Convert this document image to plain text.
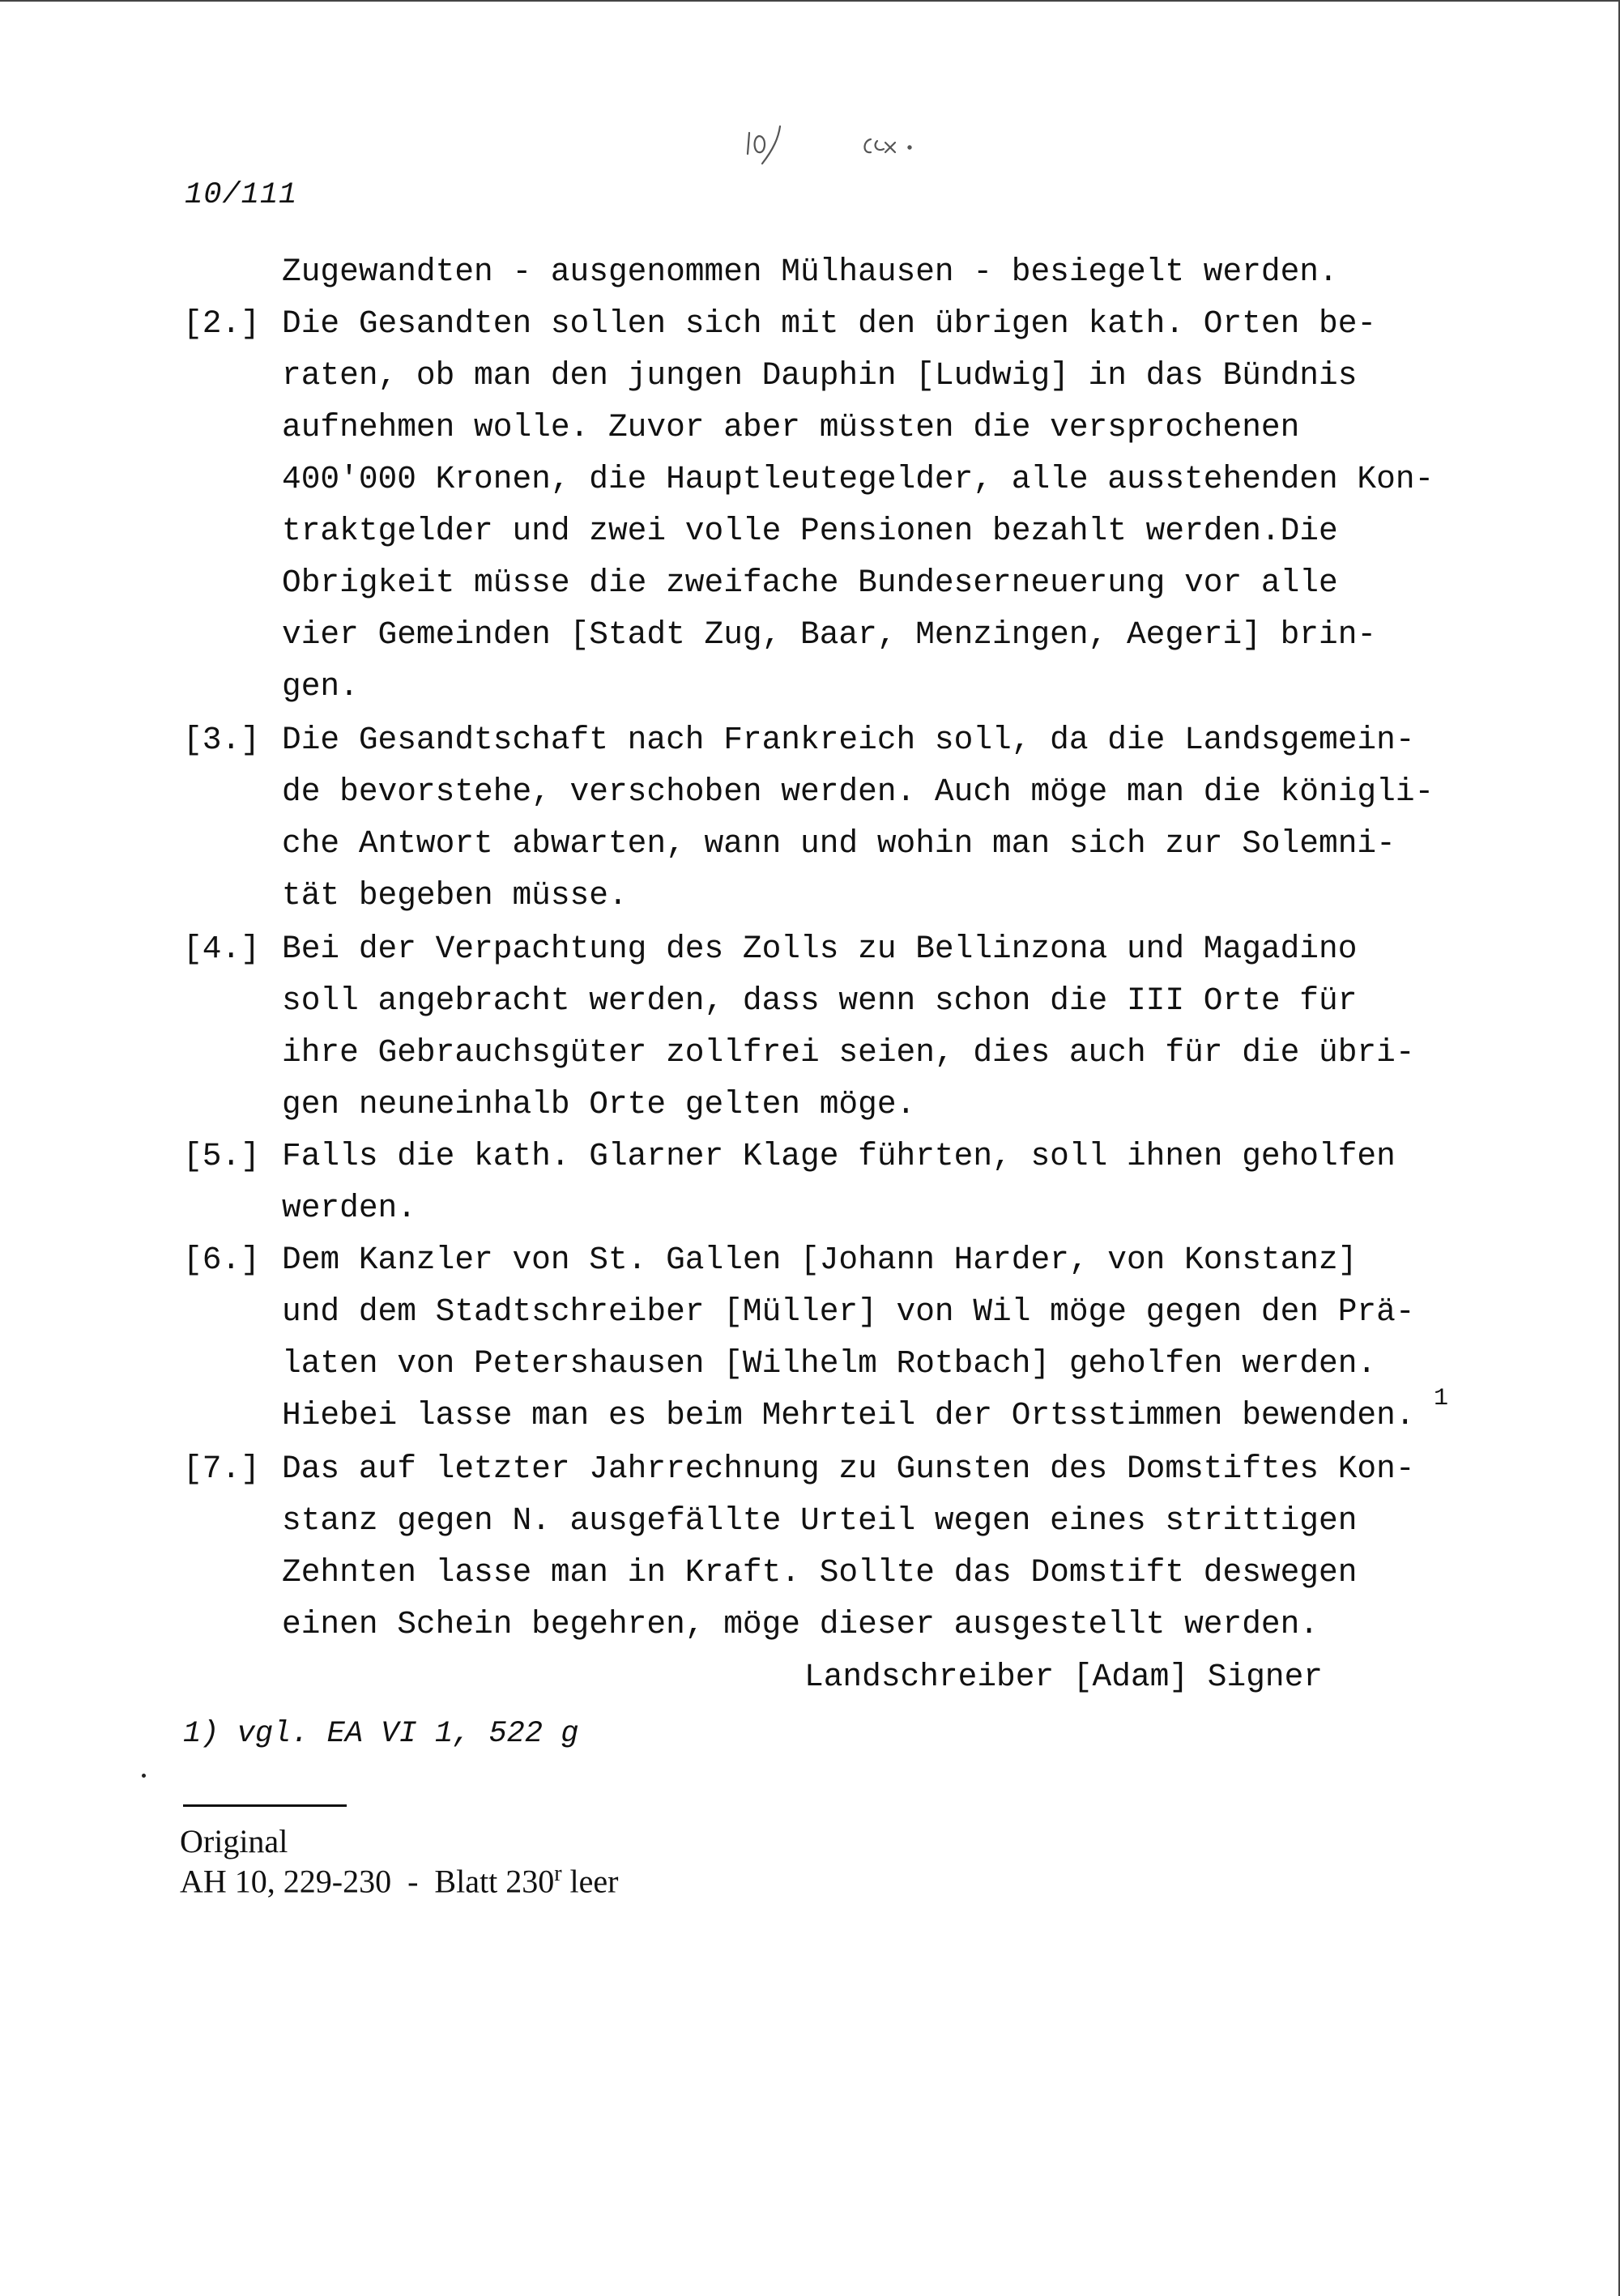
10/111
Zugewandten - ausgenommen Mülhausen - besiegelt werden.
[2.] Die Gesandten sollen sich mit den übrigen kath. Orten be-
raten, ob man den jungen Dauphin [Ludwig] in das Bündnis
aufnehmen wolle. Zuvor aber müssten die versprochenen
400'000 Kronen, die Hauptleutegelder, alle ausstehenden Kon-
traktgelder und zwei volle Pensionen bezahlt werden.Die
Obrigkeit müsse die zweifache Bundeserneuerung vor alle
vier Gemeinden [Stadt Zug, Baar, Menzingen, Aegeri] brin-
gen.
[3.] Die Gesandtschaft nach Frankreich soll, da die Landsgemein-
de bevorstehe, verschoben werden. Auch möge man die königli-
che Antwort abwarten, wann und wohin man sich zur Solemni-
tät begeben müsse.
[4.] Bei der Verpachtung des Zolls zu Bellinzona und Magadino
soll angebracht werden, dass wenn schon die III Orte für
ihre Gebrauchsgüter zollfrei seien, dies auch für die übri-
gen neuneinhalb Orte gelten möge.
[5.] Falls die kath. Glarner Klage führten, soll ihnen geholfen
werden.
[6.] Dem Kanzler von St. Gallen [Johann Harder, von Konstanz]
und dem Stadtschreiber [Müller] von Wil möge gegen den Prä-
laten von Petershausen [Wilhelm Rotbach] geholfen werden.
Hiebei lasse man es beim Mehrteil der Ortsstimmen bewenden. 1
[7.] Das auf letzter Jahrrechnung zu Gunsten des Domstiftes Kon-
stanz gegen N. ausgefällte Urteil wegen eines strittigen
Zehnten lasse man in Kraft. Sollte das Domstift deswegen
einen Schein begehren, möge dieser ausgestellt werden.
Landschreiber [Adam] Signer
1) vgl. EA VI 1, 522 g
Original
AH 10, 229-230  -  Blatt 230$^r$ leer
